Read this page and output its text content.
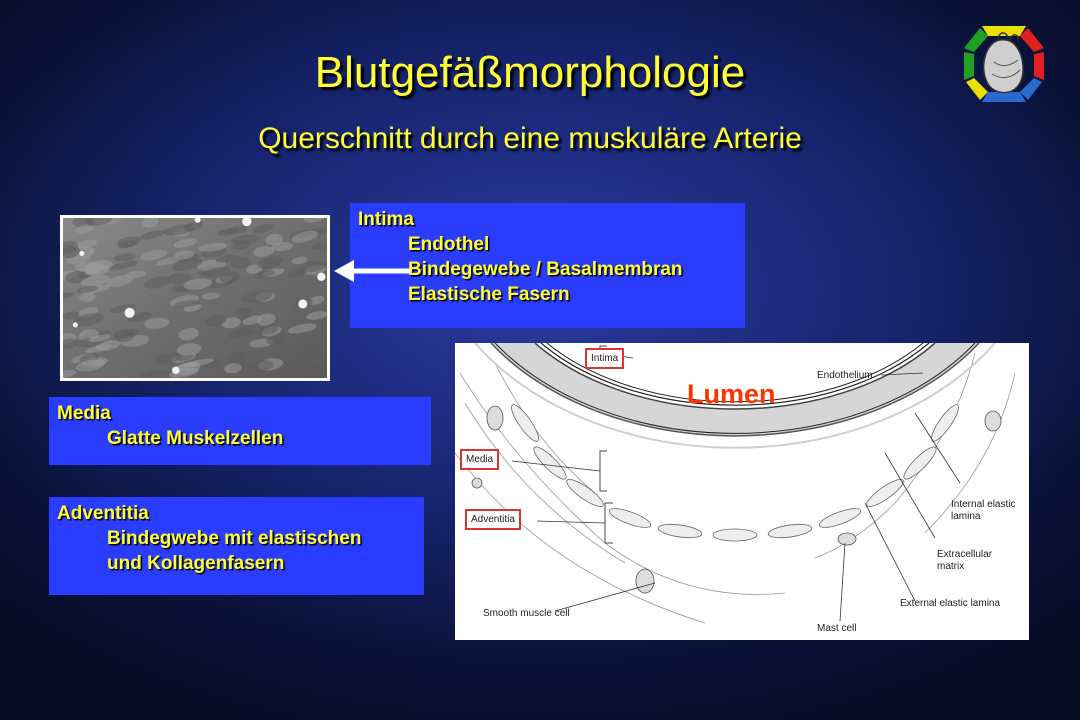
Blutgefäßmorphologie
Querschnitt durch eine muskuläre Arterie
Intima
Endothel
Bindegewebe / Basalmembran
Elastische Fasern
Media
Glatte Muskelzellen
Adventitia
Bindegwebe mit elastischen
und Kollagenfasern
Lumen
Intima
Media
Adventitia
Endothelium
Internal elastic lamina
Extracellular matrix
External elastic lamina
Smooth muscle cell
Mast cell
